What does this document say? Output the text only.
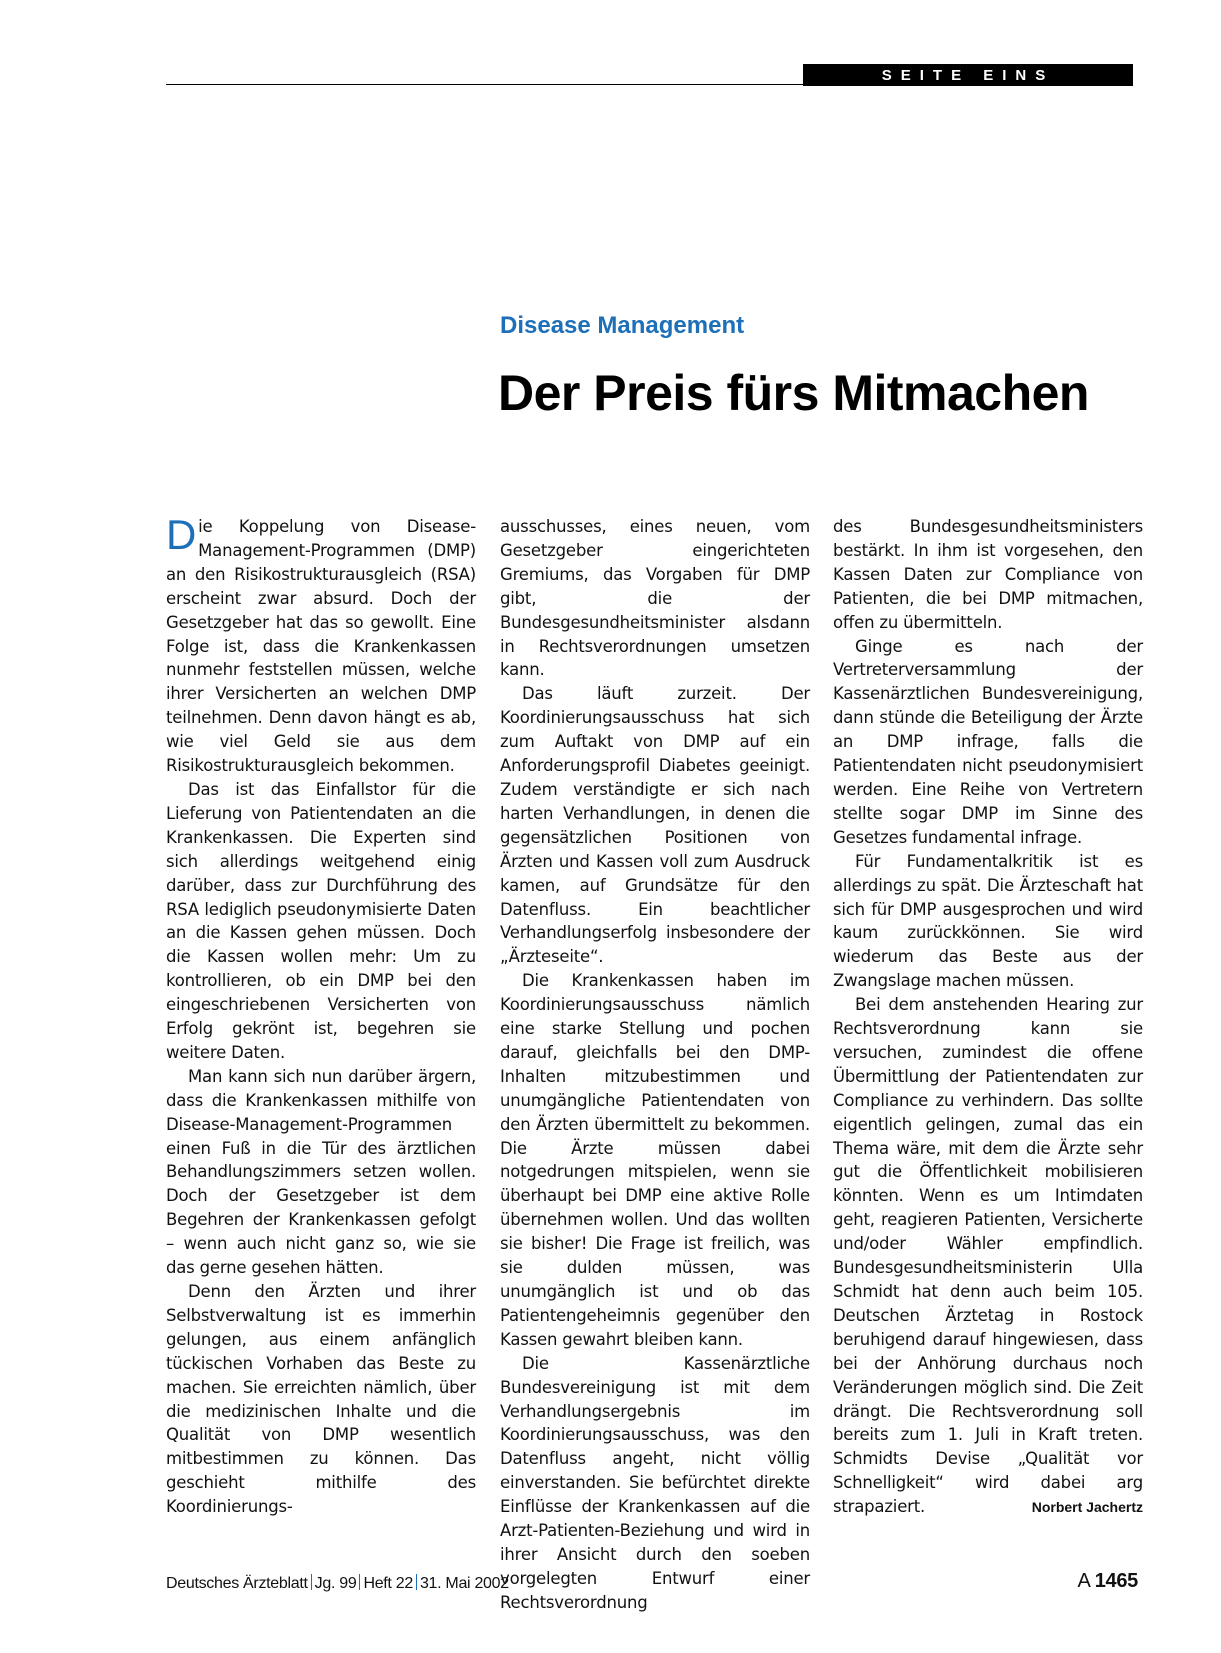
SEITE EINS
Disease Management
Der Preis fürs Mitmachen

Die Koppelung von Disease-Management-Programmen (DMP) an den Risikostrukturausgleich (RSA) erscheint zwar absurd. Doch der Gesetzgeber hat das so gewollt. Eine Folge ist, dass die Krankenkassen nunmehr feststellen müssen, welche ihrer Versicherten an welchen DMP teilnehmen. Denn davon hängt es ab, wie viel Geld sie aus dem Risikostrukturausgleich bekommen.

Das ist das Einfallstor für die Lieferung von Patientendaten an die Krankenkassen. Die Experten sind sich allerdings weitgehend einig darüber, dass zur Durchführung des RSA lediglich pseudonymisierte Daten an die Kassen gehen müssen. Doch die Kassen wollen mehr: Um zu kontrollieren, ob ein DMP bei den eingeschriebenen Versicherten von Erfolg gekrönt ist, begehren sie weitere Daten.

Man kann sich nun darüber ärgern, dass die Krankenkassen mithilfe von Disease-Management-Programmen einen Fuß in die Tür des ärztlichen Behandlungszimmers setzen wollen. Doch der Gesetzgeber ist dem Begehren der Krankenkassen gefolgt – wenn auch nicht ganz so, wie sie das gerne gesehen hätten.

Denn den Ärzten und ihrer Selbstverwaltung ist es immerhin gelungen, aus einem anfänglich tückischen Vorhaben das Beste zu machen. Sie erreichten nämlich, über die medizinischen Inhalte und die Qualität von DMP wesentlich mitbestimmen zu können. Das geschieht mithilfe des Koordinierungs-

ausschusses, eines neuen, vom Gesetzgeber eingerichteten Gremiums, das Vorgaben für DMP gibt, die der Bundesgesundheitsminister alsdann in Rechtsverordnungen umsetzen kann.

Das läuft zurzeit. Der Koordinierungsausschuss hat sich zum Auftakt von DMP auf ein Anforderungsprofil Diabetes geeinigt. Zudem verständigte er sich nach harten Verhandlungen, in denen die gegensätzlichen Positionen von Ärzten und Kassen voll zum Ausdruck kamen, auf Grundsätze für den Datenfluss. Ein beachtlicher Verhandlungserfolg insbesondere der „Ärzteseite“.

Die Krankenkassen haben im Koordinierungsausschuss nämlich eine starke Stellung und pochen darauf, gleichfalls bei den DMP-Inhalten mitzubestimmen und unumgängliche Patientendaten von den Ärzten übermittelt zu bekommen. Die Ärzte müssen dabei notgedrungen mitspielen, wenn sie überhaupt bei DMP eine aktive Rolle übernehmen wollen. Und das wollten sie bisher! Die Frage ist freilich, was sie dulden müssen, was unumgänglich ist und ob das Patientengeheimnis gegenüber den Kassen gewahrt bleiben kann.

Die Kassenärztliche Bundesvereinigung ist mit dem Verhandlungsergebnis im Koordinierungsausschuss, was den Datenfluss angeht, nicht völlig einverstanden. Sie befürchtet direkte Einflüsse der Krankenkassen auf die Arzt-Patienten-Beziehung und wird in ihrer Ansicht durch den soeben vorgelegten Entwurf einer Rechtsverordnung

des Bundesgesundheitsministers bestärkt. In ihm ist vorgesehen, den Kassen Daten zur Compliance von Patienten, die bei DMP mitmachen, offen zu übermitteln.

Ginge es nach der Vertreterversammlung der Kassenärztlichen Bundesvereinigung, dann stünde die Beteiligung der Ärzte an DMP infrage, falls die Patientendaten nicht pseudonymisiert werden. Eine Reihe von Vertretern stellte sogar DMP im Sinne des Gesetzes fundamental infrage.

Für Fundamentalkritik ist es allerdings zu spät. Die Ärzteschaft hat sich für DMP ausgesprochen und wird kaum zurückkönnen. Sie wird wiederum das Beste aus der Zwangslage machen müssen.

Bei dem anstehenden Hearing zur Rechtsverordnung kann sie versuchen, zumindest die offene Übermittlung der Patientendaten zur Compliance zu verhindern. Das sollte eigentlich gelingen, zumal das ein Thema wäre, mit dem die Ärzte sehr gut die Öffentlichkeit mobilisieren könnten. Wenn es um Intimdaten geht, reagieren Patienten, Versicherte und/oder Wähler empfindlich. Bundesgesundheitsministerin Ulla Schmidt hat denn auch beim 105. Deutschen Ärztetag in Rostock beruhigend darauf hingewiesen, dass bei der Anhörung durchaus noch Veränderungen möglich sind. Die Zeit drängt. Die Rechtsverordnung soll bereits zum 1. Juli in Kraft treten. Schmidts Devise „Qualität vor Schnelligkeit“ wird dabei arg strapaziert.	Norbert Jachertz
Deutsches Ärzteblatt Jg. 99 Heft 22 31. Mai 2002	A 1465
